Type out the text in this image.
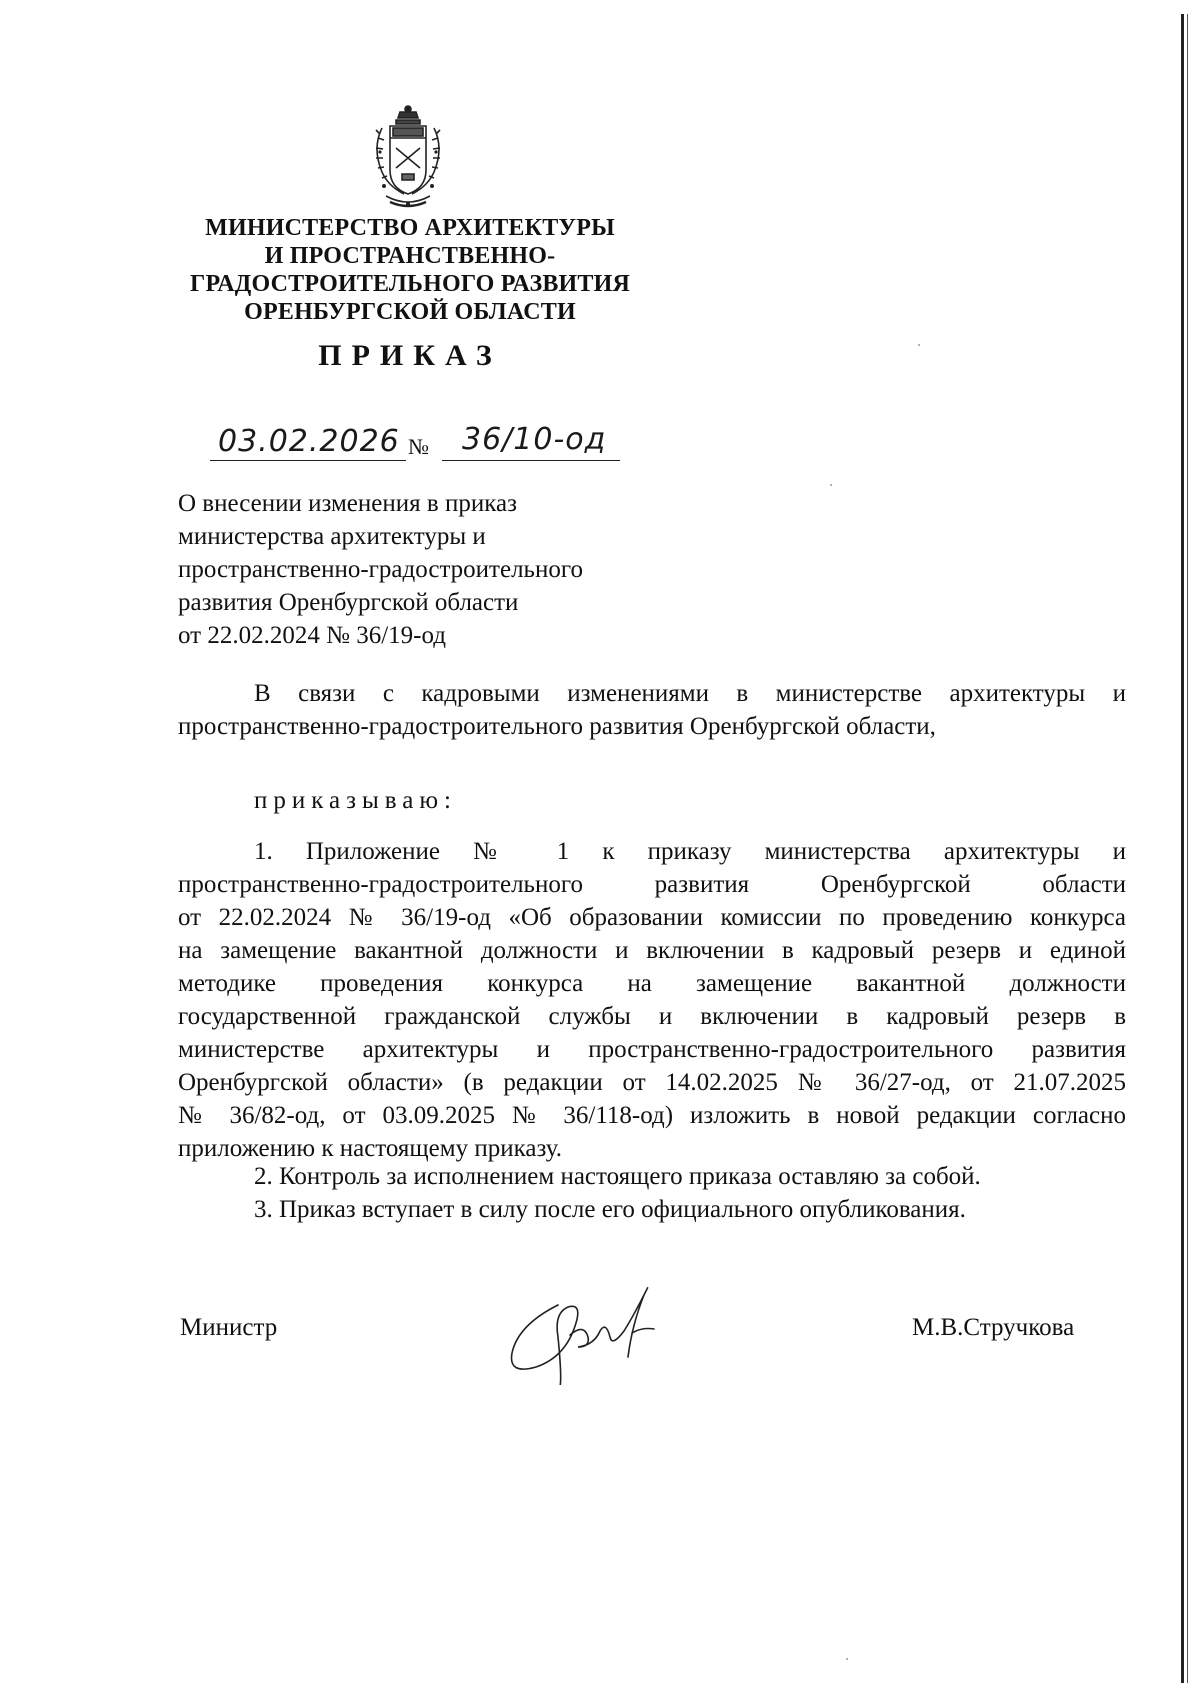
МИНИСТЕРСТВО АРХИТЕКТУРЫ
И ПРОСТРАНСТВЕННО-
ГРАДОСТРОИТЕЛЬНОГО РАЗВИТИЯ
ОРЕНБУРГСКОЙ ОБЛАСТИ
ПРИКАЗ
03.02.2026 № 36/10-од
О внесении изменения в приказ
министерства архитектуры и
пространственно-градостроительного
развития Оренбургской области
от 22.02.2024 № 36/19-од
В связи с кадровыми изменениями в министерстве архитектуры и
пространственно-градостроительного развития Оренбургской области,
приказываю:
1. Приложение № 1 к приказу министерства архитектуры и
пространственно-градостроительного развития Оренбургской области
от 22.02.2024 № 36/19-од «Об образовании комиссии по проведению конкурса
на замещение вакантной должности и включении в кадровый резерв и единой
методике проведения конкурса на замещение вакантной должности
государственной гражданской службы и включении в кадровый резерв в
министерстве архитектуры и пространственно-градостроительного развития
Оренбургской области» (в редакции от 14.02.2025 № 36/27-од, от 21.07.2025
№ 36/82-од, от 03.09.2025 № 36/118-од) изложить в новой редакции согласно
приложению к настоящему приказу.
2. Контроль за исполнением настоящего приказа оставляю за собой.
3. Приказ вступает в силу после его официального опубликования.
Министр	М.В.Стручкова
